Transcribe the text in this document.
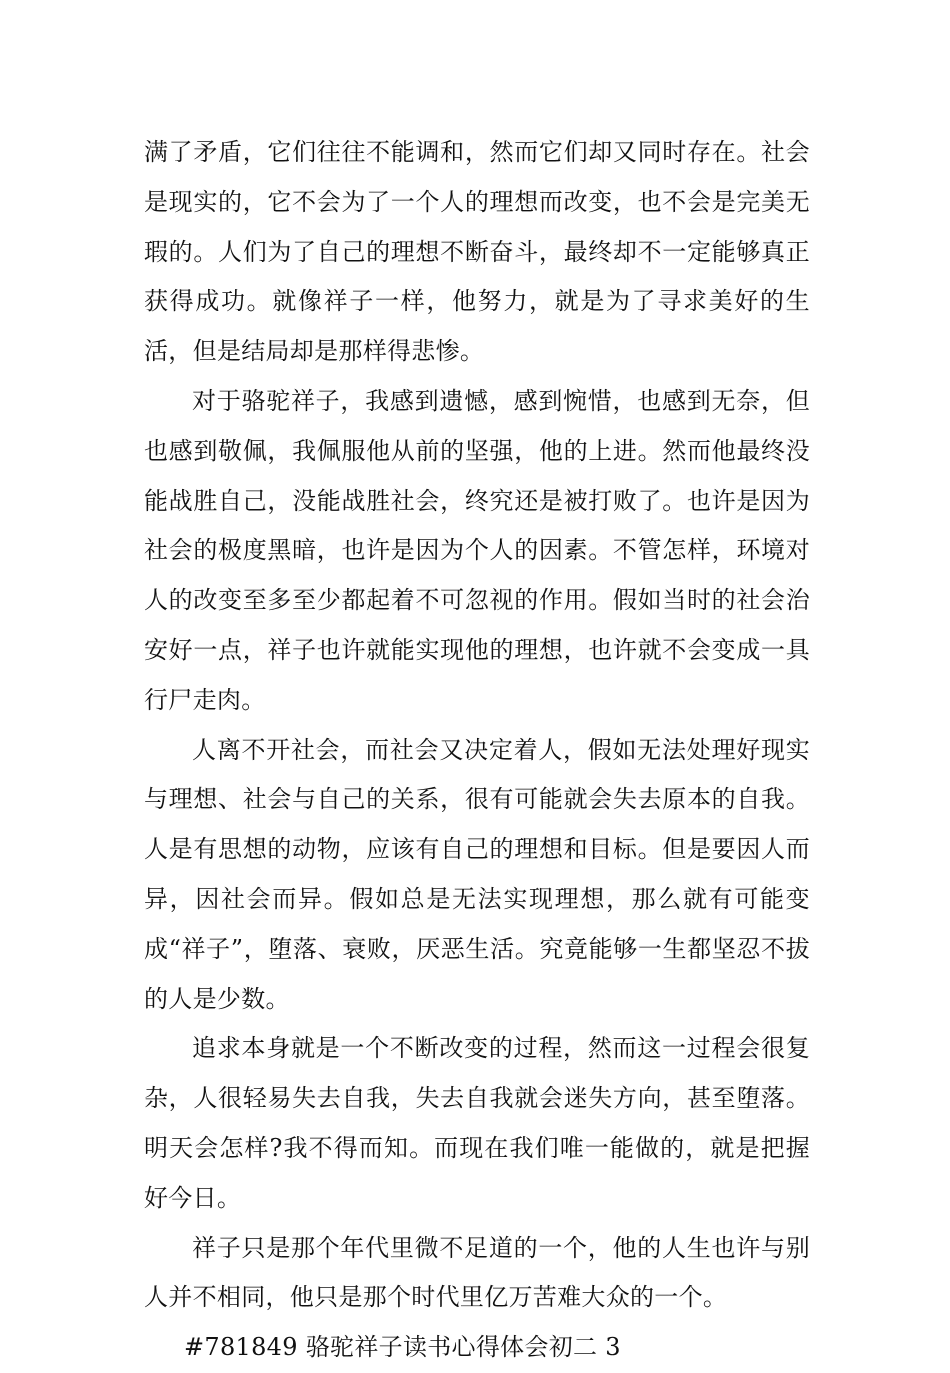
满了矛盾，它们往往不能调和，然而它们却又同时存在。社会是现实的，它不会为了一个人的理想而改变，也不会是完美无瑕的。人们为了自己的理想不断奋斗，最终却不一定能够真正获得成功。就像祥子一样，他努力，就是为了寻求美好的生活，但是结局却是那样得悲惨。

对于骆驼祥子，我感到遗憾，感到惋惜，也感到无奈，但也感到敬佩，我佩服他从前的坚强，他的上进。然而他最终没能战胜自己，没能战胜社会，终究还是被打败了。也许是因为社会的极度黑暗，也许是因为个人的因素。不管怎样，环境对人的改变至多至少都起着不可忽视的作用。假如当时的社会治安好一点，祥子也许就能实现他的理想，也许就不会变成一具行尸走肉。

人离不开社会，而社会又决定着人，假如无法处理好现实与理想、社会与自己的关系，很有可能就会失去原本的自我。人是有思想的动物，应该有自己的理想和目标。但是要因人而异，因社会而异。假如总是无法实现理想，那么就有可能变成“祥子”，堕落、衰败，厌恶生活。究竟能够一生都坚忍不拔的人是少数。

追求本身就是一个不断改变的过程，然而这一过程会很复杂，人很轻易失去自我，失去自我就会迷失方向，甚至堕落。明天会怎样?我不得而知。而现在我们唯一能做的，就是把握好今日。

祥子只是那个年代里微不足道的一个，他的人生也许与别人并不相同，他只是那个时代里亿万苦难大众的一个。

#781849 骆驼祥子读书心得体会初二 3
